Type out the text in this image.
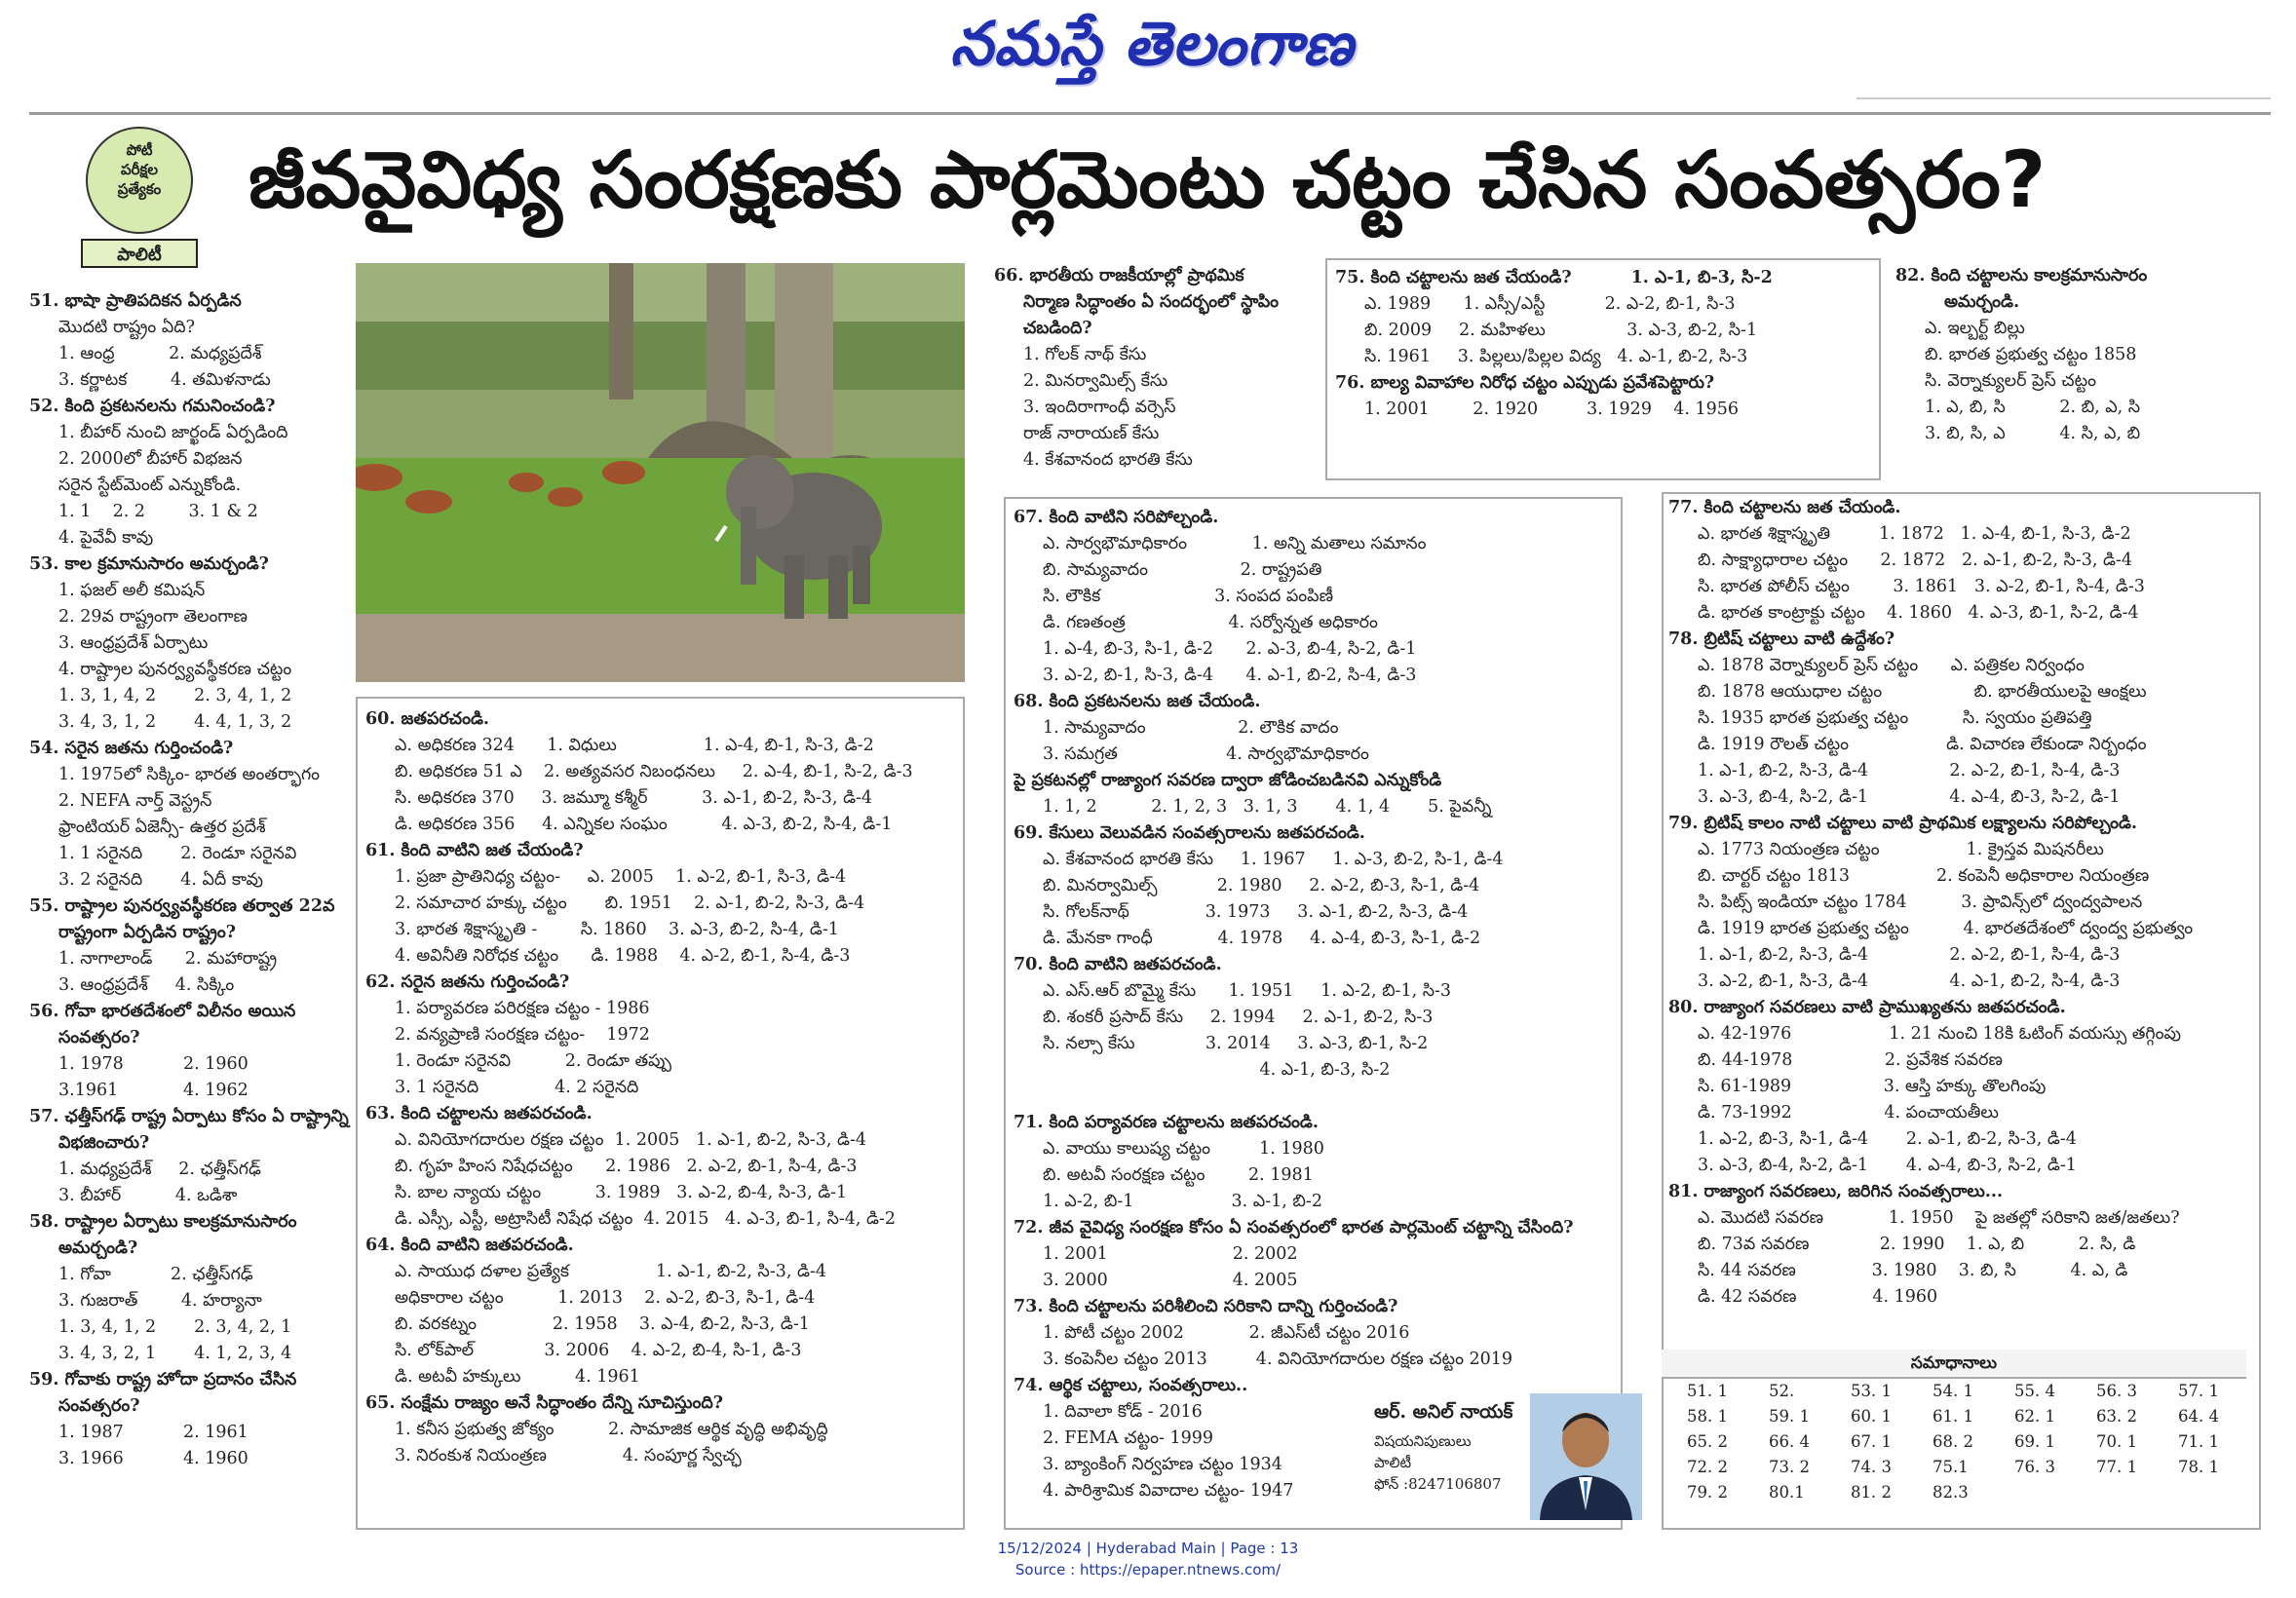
నమస్తే తెలంగాణ
పోటీ
పరీక్షల
ప్రత్యేకం
పాలిటీ
జీవవైవిధ్య సంరక్షణకు పార్లమెంటు చట్టం చేసిన సంవత్సరం?
51. భాషా ప్రాతిపదికన ఏర్పడిన
మొదటి రాష్ట్రం ఏది?
1. ఆంధ్ర          2. మధ్యప్రదేశ్
3. కర్ణాటక        4. తమిళనాడు
52. కింది ప్రకటనలను గమనించండి?
1. బీహార్ నుంచి జార్ఖండ్ ఏర్పడింది
2. 2000లో బీహార్ విభజన
సరైన స్టేట్‌మెంట్ ఎన్నుకోండి.
1. 1    2. 2        3. 1 & 2
4. పైవేవీ కావు
53. కాల క్రమానుసారం అమర్చండి?
1. ఫజల్ అలీ కమిషన్
2. 29వ రాష్ట్రంగా తెలంగాణ
3. ఆంధ్రప్రదేశ్ ఏర్పాటు
4. రాష్ట్రాల పునర్వ్యవస్థీకరణ చట్టం
1. 3, 1, 4, 2       2. 3, 4, 1, 2
3. 4, 3, 1, 2       4. 4, 1, 3, 2
54. సరైన జతను గుర్తించండి?
1. 1975లో సిక్కిం- భారత అంతర్భాగం
2. NEFA నార్త్ వెస్ట్రన్
ఫ్రాంటియర్ ఏజెన్సీ- ఉత్తర ప్రదేశ్
1. 1 సరైనది       2. రెండూ సరైనవి
3. 2 సరైనది       4. ఏదీ కావు
55. రాష్ట్రాల పునర్వ్యవస్థీకరణ తర్వాత 22వ
రాష్ట్రంగా ఏర్పడిన రాష్ట్రం?
1. నాగాలాండ్      2. మహారాష్ట్ర
3. ఆంధ్రప్రదేశ్     4. సిక్కిం
56. గోవా భారతదేశంలో విలీనం అయిన
సంవత్సరం?
1. 1978           2. 1960
3.1961            4. 1962
57. ఛత్తీస్‌గఢ్ రాష్ట్ర ఏర్పాటు కోసం ఏ రాష్ట్రాన్ని
విభజించారు?
1. మధ్యప్రదేశ్     2. ఛత్తీస్‌గఢ్
3. బీహార్          4. ఒడిశా
58. రాష్ట్రాల ఏర్పాటు కాలక్రమానుసారం
అమర్చండి?
1. గోవా           2. ఛత్తీస్‌గఢ్
3. గుజరాత్        4. హర్యానా
1. 3, 4, 1, 2       2. 3, 4, 2, 1
3. 4, 3, 2, 1       4. 1, 2, 3, 4
59. గోవాకు రాష్ట్ర హోదా ప్రదానం చేసిన
సంవత్సరం?
1. 1987           2. 1961
3. 1966           4. 1960
60. జతపరచండి.
ఎ. అధికరణ 324      1. విధులు                1. ఎ-4, బి-1, సి-3, డి-2
బి. అధికరణ 51 ఎ    2. అత్యవసర నిబంధనలు     2. ఎ-4, బి-1, సి-2, డి-3
సి. అధికరణ 370     3. జమ్మూ కశ్మీర్          3. ఎ-1, బి-2, సి-3, డి-4
డి. అధికరణ 356     4. ఎన్నికల సంఘం          4. ఎ-3, బి-2, సి-4, డి-1
61. కింది వాటిని జత చేయండి?
1. ప్రజా ప్రాతినిధ్య చట్టం-     ఎ. 2005    1. ఎ-2, బి-1, సి-3, డి-4
2. సమాచార హక్కు చట్టం       బి. 1951    2. ఎ-1, బి-2, సి-3, డి-4
3. భారత శిక్షాస్మృతి -        సి. 1860    3. ఎ-3, బి-2, సి-4, డి-1
4. అవినీతి నిరోధక చట్టం      డి. 1988    4. ఎ-2, బి-1, సి-4, డి-3
62. సరైన జతను గుర్తించండి?
1. పర్యావరణ పరిరక్షణ చట్టం - 1986
2. వన్యప్రాణి సంరక్షణ చట్టం-    1972
1. రెండూ సరైనవి          2. రెండూ తప్పు
3. 1 సరైనది              4. 2 సరైనది
63. కింది చట్టాలను జతపరచండి.
ఎ. వినియోగదారుల రక్షణ చట్టం  1. 2005   1. ఎ-1, బి-2, సి-3, డి-4
బి. గృహ హింస నిషేధచట్టం      2. 1986   2. ఎ-2, బి-1, సి-4, డి-3
సి. బాల న్యాయ చట్టం          3. 1989   3. ఎ-2, బి-4, సి-3, డి-1
డి. ఎస్సీ, ఎస్టీ, అట్రాసిటీ నిషేధ చట్టం  4. 2015   4. ఎ-3, బి-1, సి-4, డి-2
64. కింది వాటిని జతపరచండి.
ఎ. సాయుధ దళాల ప్రత్యేక                1. ఎ-1, బి-2, సి-3, డి-4
అధికారాల చట్టం          1. 2013    2. ఎ-2, బి-3, సి-1, డి-4
బి. వరకట్నం              2. 1958    3. ఎ-4, బి-2, సి-3, డి-1
సి. లోక్‌పాల్             3. 2006    4. ఎ-2, బి-4, సి-1, డి-3
డి. అటవీ హక్కులు          4. 1961
65. సంక్షేమ రాజ్యం అనే సిద్ధాంతం దేన్ని సూచిస్తుంది?
1. కనీస ప్రభుత్వ జోక్యం          2. సామాజిక ఆర్థిక వృద్ధి అభివృద్ధి
3. నిరంకుశ నియంత్రణ              4. సంపూర్ణ స్వేచ్ఛ
66. భారతీయ రాజకీయాల్లో ప్రాథమిక
నిర్మాణ సిద్ధాంతం ఏ సందర్భంలో స్థాపిం
చబడింది?
1. గోలక్ నాథ్ కేసు
2. మినర్వామిల్స్ కేసు
3. ఇందిరాగాంధీ వర్సెస్
రాజ్ నారాయణ్ కేసు
4. కేశవానంద భారతి కేసు
67. కింది వాటిని సరిపోల్చండి.
ఎ. సార్వభౌమాధికారం            1. అన్ని మతాలు సమానం
బి. సామ్యవాదం                 2. రాష్ట్రపతి
సి. లౌకిక                     3. సంపద పంపిణీ
డి. గణతంత్ర                   4. సర్వోన్నత అధికారం
1. ఎ-4, బి-3, సి-1, డి-2      2. ఎ-3, బి-4, సి-2, డి-1
3. ఎ-2, బి-1, సి-3, డి-4      4. ఎ-1, బి-2, సి-4, డి-3
68. కింది ప్రకటనలను జత చేయండి.
1. సామ్యవాదం                 2. లౌకిక వాదం
3. సమగ్రత                    4. సార్వభౌమాధికారం
పై ప్రకటనల్లో రాజ్యాంగ సవరణ ద్వారా జోడించబడినవి ఎన్నుకోండి
1. 1, 2          2. 1, 2, 3   3. 1, 3       4. 1, 4       5. పైవన్నీ
69. కేసులు వెలువడిన సంవత్సరాలను జతపరచండి.
ఎ. కేశవానంద భారతి కేసు     1. 1967     1. ఎ-3, బి-2, సి-1, డి-4
బి. మినర్వామిల్స్           2. 1980     2. ఎ-2, బి-3, సి-1, డి-4
సి. గోలక్‌నాథ్              3. 1973     3. ఎ-1, బి-2, సి-3, డి-4
డి. మేనకా గాంధీ            4. 1978     4. ఎ-4, బి-3, సి-1, డి-2
70. కింది వాటిని జతపరచండి.
ఎ. ఎస్.ఆర్ బొమ్మై కేసు      1. 1951     1. ఎ-2, బి-1, సి-3
బి. శంకరీ ప్రసాద్ కేసు     2. 1994     2. ఎ-1, బి-2, సి-3
సి. నల్సా కేసు             3. 2014     3. ఎ-3, బి-1, సి-2
4. ఎ-1, బి-3, సి-2

71. కింది పర్యావరణ చట్టాలను జతపరచండి.
ఎ. వాయు కాలుష్య చట్టం         1. 1980
బి. అటవీ సంరక్షణ చట్టం        2. 1981
1. ఎ-2, బి-1                  3. ఎ-1, బి-2
72. జీవ వైవిధ్య సంరక్షణ కోసం ఏ సంవత్సరంలో భారత పార్లమెంట్ చట్టాన్ని చేసింది?
1. 2001                       2. 2002
3. 2000                       4. 2005
73. కింది చట్టాలను పరిశీలించి సరికాని దాన్ని గుర్తించండి?
1. పోటీ చట్టం 2002            2. జీఎస్‌టీ చట్టం 2016
3. కంపెనీల చట్టం 2013         4. వినియోగదారుల రక్షణ చట్టం 2019
74. ఆర్థిక చట్టాలు, సంవత్సరాలు..
1. దివాలా కోడ్ - 2016
2. FEMA చట్టం- 1999
3. బ్యాంకింగ్ నిర్వహణ చట్టం 1934
4. పారిశ్రామిక వివాదాల చట్టం- 1947
75. కింది చట్టాలను జత చేయండి?          1. ఎ-1, బి-3, సి-2
ఎ. 1989      1. ఎస్సీ/ఎస్టీ           2. ఎ-2, బి-1, సి-3
బి. 2009     2. మహిళలు               3. ఎ-3, బి-2, సి-1
సి. 1961     3. పిల్లలు/పిల్లల విద్య   4. ఎ-1, బి-2, సి-3
76. బాల్య వివాహాల నిరోధ చట్టం ఎప్పుడు ప్రవేశపెట్టారు?
1. 2001        2. 1920         3. 1929    4. 1956
82. కింది చట్టాలను కాలక్రమానుసారం
అమర్చండి.
ఎ. ఇల్బర్ట్ బిల్లు
బి. భారత ప్రభుత్వ చట్టం 1858
సి. వెర్నాక్యులర్ ప్రెస్ చట్టం
1. ఎ, బి, సి          2. బి, ఎ, సి
3. బి, సి, ఎ          4. సి, ఎ, బి
77. కింది చట్టాలను జత చేయండి.
ఎ. భారత శిక్షాస్మృతి         1. 1872   1. ఎ-4, బి-1, సి-3, డి-2
బి. సాక్ష్యాధారాల చట్టం      2. 1872   2. ఎ-1, బి-2, సి-3, డి-4
సి. భారత పోలీస్ చట్టం        3. 1861   3. ఎ-2, బి-1, సి-4, డి-3
డి. భారత కాంట్రాక్టు చట్టం    4. 1860   4. ఎ-3, బి-1, సి-2, డి-4
78. బ్రిటిష్ చట్టాలు వాటి ఉద్దేశం?
ఎ. 1878 వెర్నాక్యులర్ ప్రెస్ చట్టం      ఎ. పత్రికల నిర్వంధం
బి. 1878 ఆయుధాల చట్టం                 బి. భారతీయులపై ఆంక్షలు
సి. 1935 భారత ప్రభుత్వ చట్టం          సి. స్వయం ప్రతిపత్తి
డి. 1919 రౌలత్ చట్టం                  డి. విచారణ లేకుండా నిర్బంధం
1. ఎ-1, బి-2, సి-3, డి-4               2. ఎ-2, బి-1, సి-4, డి-3
3. ఎ-3, బి-4, సి-2, డి-1               4. ఎ-4, బి-3, సి-2, డి-1
79. బ్రిటిష్ కాలం నాటి చట్టాలు వాటి ప్రాథమిక లక్ష్యాలను సరిపోల్చండి.
ఎ. 1773 నియంత్రణ చట్టం                1. క్రైస్తవ మిషనరీలు
బి. చార్టర్ చట్టం 1813                2. కంపెనీ అధికారాల నియంత్రణ
సి. పిట్స్ ఇండియా చట్టం 1784          3. ప్రావిన్స్‌లో ద్వంద్వపాలన
డి. 1919 భారత ప్రభుత్వ చట్టం          4. భారతదేశంలో ద్వంద్వ ప్రభుత్వం
1. ఎ-1, బి-2, సి-3, డి-4               2. ఎ-2, బి-1, సి-4, డి-3
3. ఎ-2, బి-1, సి-3, డి-4               4. ఎ-1, బి-2, సి-4, డి-3
80. రాజ్యాంగ సవరణలు వాటి ప్రాముఖ్యతను జతపరచండి.
ఎ. 42-1976                  1. 21 నుంచి 18కి ఓటింగ్ వయస్సు తగ్గింపు
బి. 44-1978                 2. ప్రవేశిక సవరణ
సి. 61-1989                 3. ఆస్తి హక్కు తొలగింపు
డి. 73-1992                 4. పంచాయతీలు
1. ఎ-2, బి-3, సి-1, డి-4       2. ఎ-1, బి-2, సి-3, డి-4
3. ఎ-3, బి-4, సి-2, డి-1       4. ఎ-4, బి-3, సి-2, డి-1
81. రాజ్యాంగ సవరణలు, జరిగిన సంవత్సరాలు...
ఎ. మొదటి సవరణ            1. 1950    పై జతల్లో సరికాని జత/జతలు?
బి. 73వ సవరణ             2. 1990    1. ఎ, బి          2. సి, డి
సి. 44 సవరణ              3. 1980    3. బి, సి          4. ఎ, డి
డి. 42 సవరణ              4. 1960
ఆర్. అనిల్ నాయక్
విషయనిపుణులు
పాలిటీ
ఫోన్ :8247106807
సమాధానాలు
51. 1	52.	53. 1	54. 1	55. 4	56. 3	57. 1
58. 1	59. 1	60. 1	61. 1	62. 1	63. 2	64. 4
65. 2	66. 4	67. 1	68. 2	69. 1	70. 1	71. 1
72. 2	73. 2	74. 3	75.1	76. 3	77. 1	78. 1
79. 2	80.1	81. 2	82.3
15/12/2024 | Hyderabad Main | Page : 13
Source : https://epaper.ntnews.com/
